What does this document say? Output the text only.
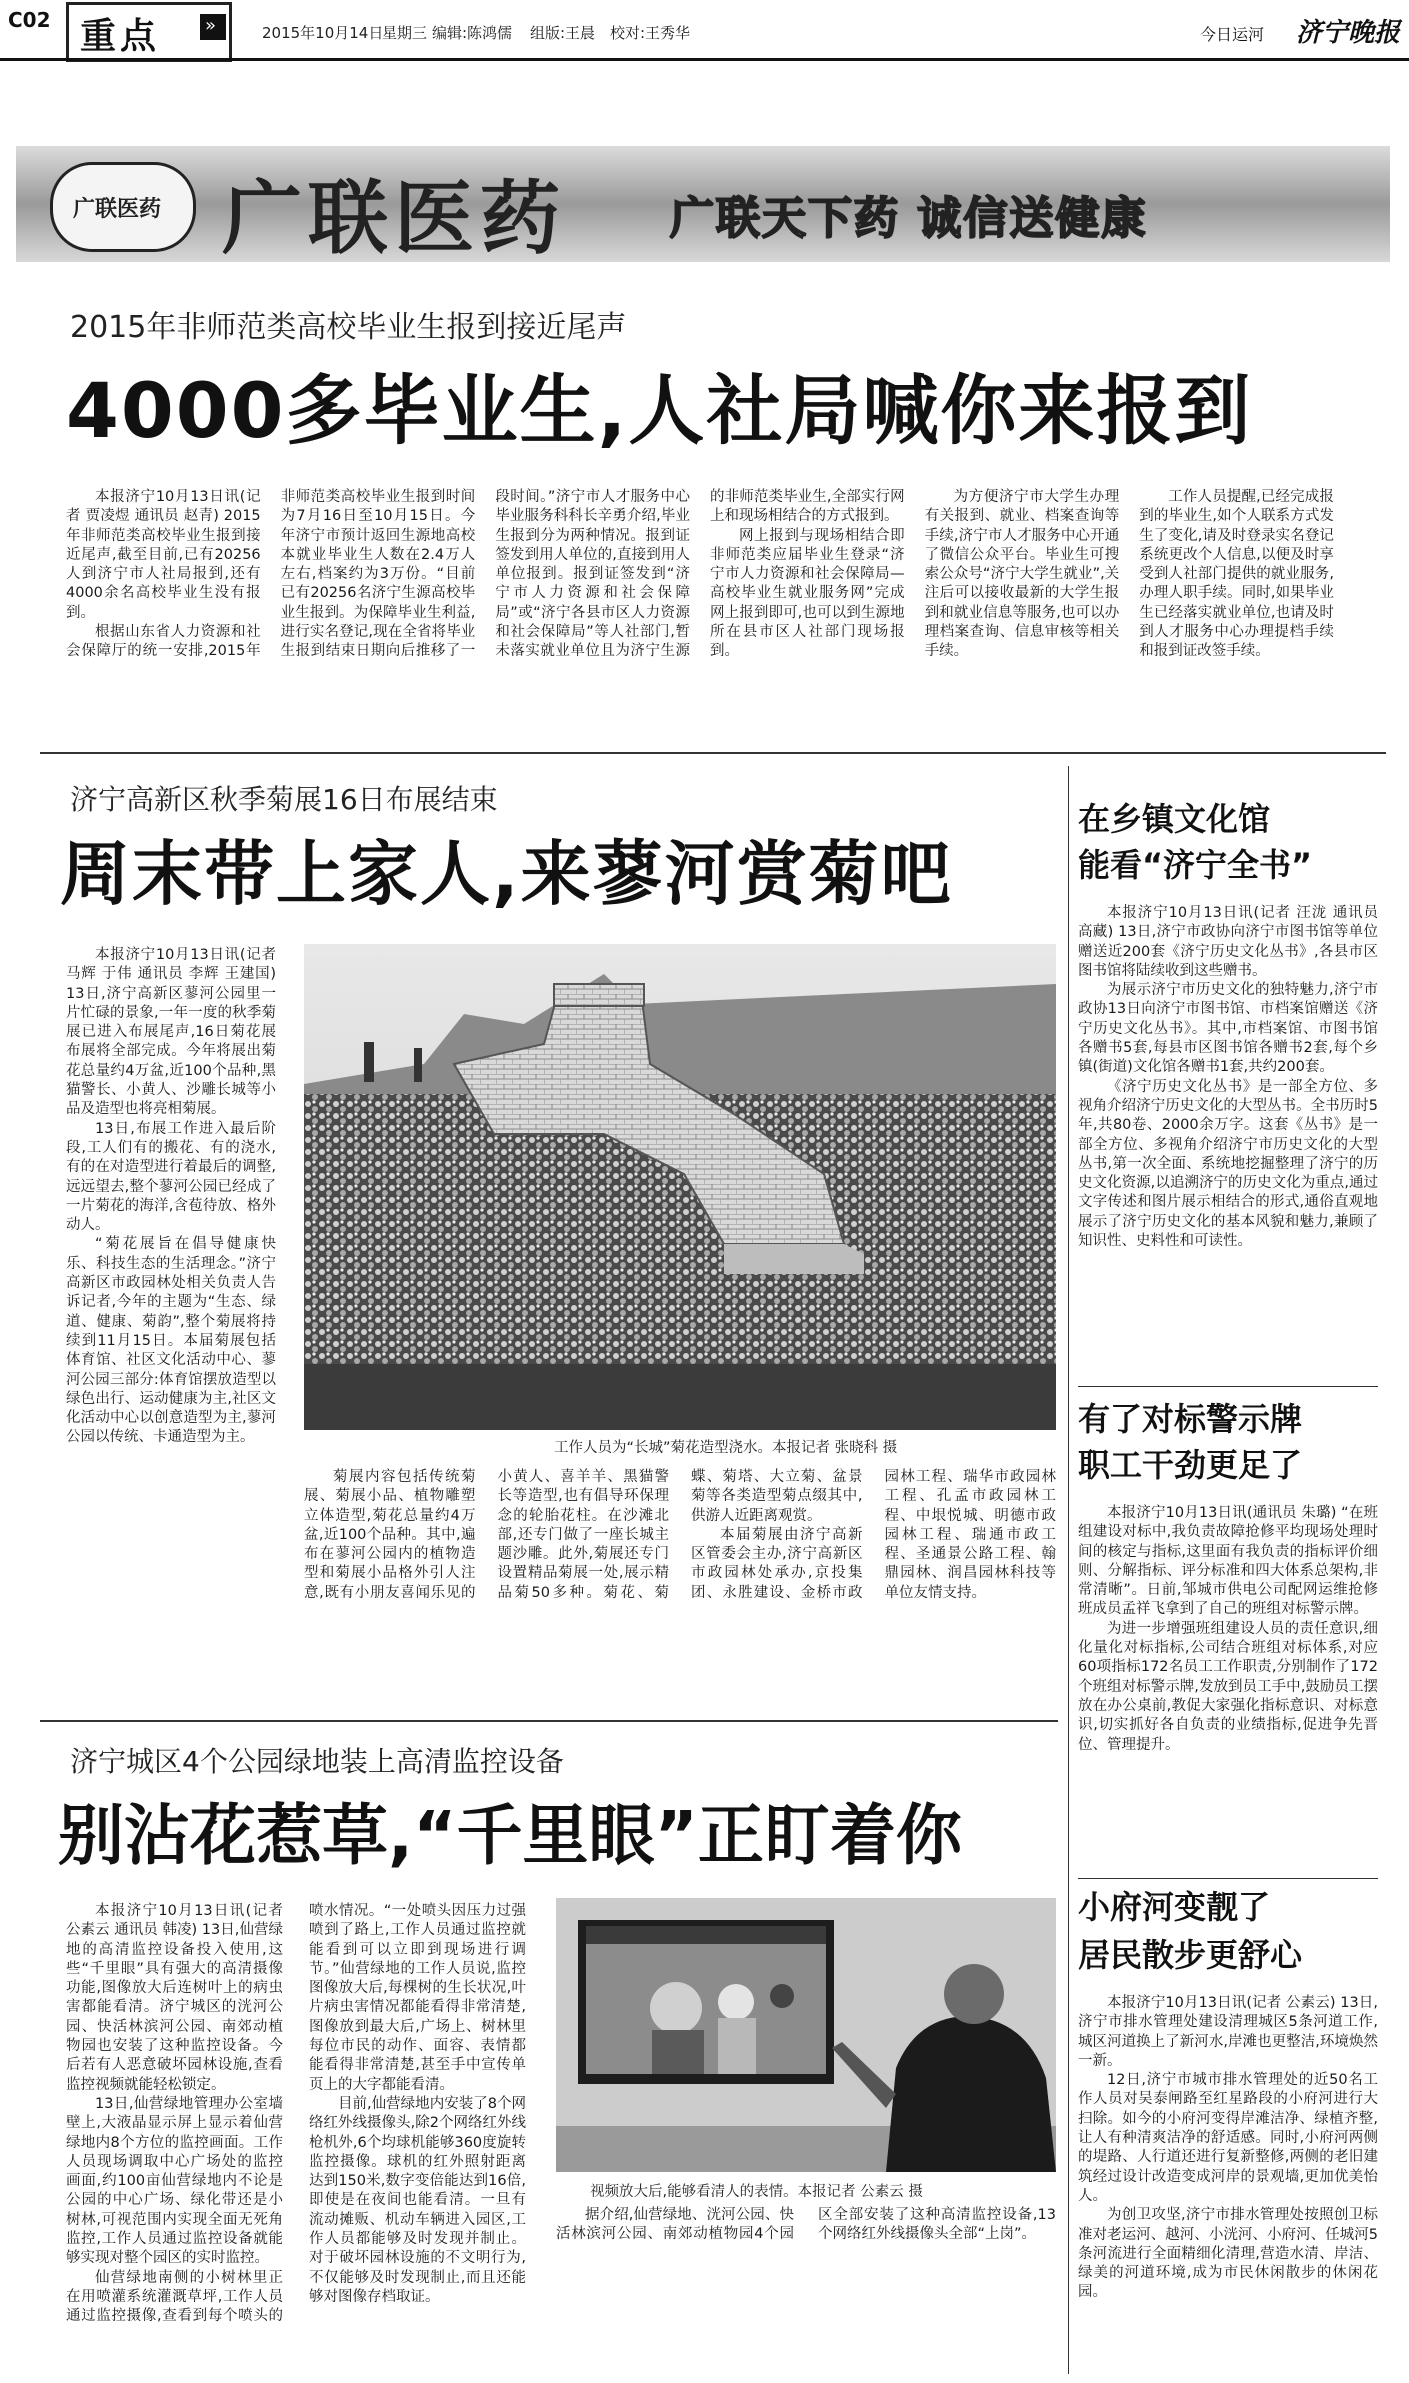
C02 重点 »	2015年10月14日
星期三 编辑:陈鸿儒 组版:王晨 校对:王秀华	今日运河 济宁晚报
广联医药 广联医药 广联天下药 诚信送健康
2015年非师范类高校毕业生报到接近尾声
4000多毕业生,人社局喊你来报到

本报济宁10月13日讯(记者 贾凌煜 通讯员 赵青) 2015年非师范类高校毕业生报到接近尾声,截至目前,已有20256人到济宁市人社局报到,还有4000余名高校毕业生没有报到。

根据山东省人力资源和社会保障厅的统一安排,2015年非师范类高校毕业生报到时间为7月16日至10月15日。今年济宁市预计返回生源地高校本就业毕业生人数在2.4万人左右,档案约为3万份。“目前已有20256名济宁生源高校毕业生报到。为保障毕业生利益,进行实名登记,现在全省将毕业生报到结束日期向后推移了一段时间。”济宁市人才服务中心毕业服务科科长辛勇介绍,毕业生报到分为两种情况。报到证签发到用人单位的,直接到用人单位报到。报到证签发到“济宁市人力资源和社会保障局”或“济宁各县市区人力资源和社会保障局”等人社部门,暂未落实就业单位且为济宁生源的非师范类毕业生,全部实行网上和现场相结合的方式报到。

网上报到与现场相结合即非师范类应届毕业生登录“济宁市人力资源和社会保障局—高校毕业生就业服务网”完成网上报到即可,也可以到生源地所在县市区人社部门现场报到。

为方便济宁市大学生办理有关报到、就业、档案查询等手续,济宁市人才服务中心开通了微信公众平台。毕业生可搜索公众号“济宁大学生就业”,关注后可以接收最新的大学生报到和就业信息等服务,也可以办理档案查询、信息审核等相关手续。

工作人员提醒,已经完成报到的毕业生,如个人联系方式发生了变化,请及时登录实名登记系统更改个人信息,以便及时享受到人社部门提供的就业服务,办理人职手续。同时,如果毕业生已经落实就业单位,也请及时到人才服务中心办理提档手续和报到证改签手续。

济宁高新区秋季菊展16日布展结束
周末带上家人,来蓼河赏菊吧

本报济宁10月13日讯(记者 马辉 于伟 通讯员 李辉 王建国) 13日,济宁高新区蓼河公园里一片忙碌的景象,一年一度的秋季菊展已进入布展尾声,16日菊花展布展将全部完成。今年将展出菊花总量约4万盆,近100个品种,黑猫警长、小黄人、沙雕长城等小品及造型也将亮相菊展。

13日,布展工作进入最后阶段,工人们有的搬花、有的浇水,有的在对造型进行着最后的调整,远远望去,整个蓼河公园已经成了一片菊花的海洋,含苞待放、格外动人。

“菊花展旨在倡导健康快乐、科技生态的生活理念。”济宁高新区市政园林处相关负责人告诉记者,今年的主题为“生态、绿道、健康、菊韵”,整个菊展将持续到11月15日。本届菊展包括体育馆、社区文化活动中心、蓼河公园三部分:体育馆摆放造型以绿色出行、运动健康为主,社区文化活动中心以创意造型为主,蓼河公园以传统、卡通造型为主。

工作人员为“长城”菊花造型浇水。本报记者 张晓科 摄

菊展内容包括传统菊展、菊展小品、植物雕塑立体造型,菊花总量约4万盆,近100个品种。其中,遍布在蓼河公园内的植物造型和菊展小品格外引人注意,既有小朋友喜闻乐见的小黄人、喜羊羊、黑猫警长等造型,也有倡导环保理念的轮胎花柱。在沙滩北部,还专门做了一座长城主题沙雕。此外,菊展还专门设置精品菊展一处,展示精品菊50多种。菊花、菊蝶、菊塔、大立菊、盆景菊等各类造型菊点缀其中,供游人近距离观赏。

本届菊展由济宁高新区管委会主办,济宁高新区市政园林处承办,京投集团、永胜建设、金桥市政园林工程、瑞华市政园林工程、孔孟市政园林工程、中垠悦城、明德市政园林工程、瑞通市政工程、圣通景公路工程、翰鼎园林、润昌园林科技等单位友情支持。

济宁城区4个公园绿地装上高清监控设备
别沾花惹草,“千里眼”正盯着你

本报济宁10月13日讯(记者 公素云 通讯员 韩凌) 13日,仙营绿地的高清监控设备投入使用,这些“千里眼”具有强大的高清摄像功能,图像放大后连树叶上的病虫害都能看清。济宁城区的洸河公园、快活林滨河公园、南郊动植物园也安装了这种监控设备。今后若有人恶意破坏园林设施,查看监控视频就能轻松锁定。

13日,仙营绿地管理办公室墙壁上,大液晶显示屏上显示着仙营绿地内8个方位的监控画面。工作人员现场调取中心广场处的监控画面,约100亩仙营绿地内不论是公园的中心广场、绿化带还是小树林,可视范围内实现全面无死角监控,工作人员通过监控设备就能够实现对整个园区的实时监控。

仙营绿地南侧的小树林里正在用喷灌系统灌溉草坪,工作人员通过监控摄像,查看到每个喷头的喷水情况。“一处喷头因压力过强喷到了路上,工作人员通过监控就能看到可以立即到现场进行调节。”仙营绿地的工作人员说,监控图像放大后,每棵树的生长状况,叶片病虫害情况都能看得非常清楚,图像放到最大后,广场上、树林里每位市民的动作、面容、表情都能看得非常清楚,甚至手中宣传单页上的大字都能看清。

目前,仙营绿地内安装了8个网络红外线摄像头,除2个网络红外线枪机外,6个均球机能够360度旋转监控摄像。球机的红外照射距离达到150米,数字变倍能达到16倍,即使是在夜间也能看清。一旦有流动摊贩、机动车辆进入园区,工作人员都能够及时发现并制止。对于破坏园林设施的不文明行为,不仅能够及时发现制止,而且还能够对图像存档取证。

视频放大后,能够看清人的表情。本报记者 公素云 摄

据介绍,仙营绿地、洸河公园、快活林滨河公园、南郊动植物园4个园区全部安装了这种高清监控设备,13个网络红外线摄像头全部“上岗”。

在乡镇文化馆
能看“济宁全书”

本报济宁10月13日讯(记者 汪泷 通讯员 高藏) 13日,济宁市政协向济宁市图书馆等单位赠送近200套《济宁历史文化丛书》,各县市区图书馆将陆续收到这些赠书。

为展示济宁市历史文化的独特魅力,济宁市政协13日向济宁市图书馆、市档案馆赠送《济宁历史文化丛书》。其中,市档案馆、市图书馆各赠书5套,每县市区图书馆各赠书2套,每个乡镇(街道)文化馆各赠书1套,共约200套。

《济宁历史文化丛书》是一部全方位、多视角介绍济宁历史文化的大型丛书。全书历时5年,共80卷、2000余万字。这套《丛书》是一部全方位、多视角介绍济宁市历史文化的大型丛书,第一次全面、系统地挖掘整理了济宁的历史文化资源,以追溯济宁的历史文化为重点,通过文字传述和图片展示相结合的形式,通俗直观地展示了济宁历史文化的基本风貌和魅力,兼顾了知识性、史料性和可读性。

有了对标警示牌
职工干劲更足了

本报济宁10月13日讯(通讯员 朱璐) “在班组建设对标中,我负责故障抢修平均现场处理时间的核定与指标,这里面有我负责的指标评价细则、分解指标、评分标准和四大体系总架构,非常清晰”。日前,邹城市供电公司配网运维抢修班成员孟祥飞拿到了自己的班组对标警示牌。

为进一步增强班组建设人员的责任意识,细化量化对标指标,公司结合班组对标体系,对应60项指标172名员工工作职责,分别制作了172个班组对标警示牌,发放到员工手中,鼓励员工摆放在办公桌前,教促大家强化指标意识、对标意识,切实抓好各自负责的业绩指标,促进争先晋位、管理提升。

小府河变靓了
居民散步更舒心

本报济宁10月13日讯(记者 公素云) 13日,济宁市排水管理处建设清理城区5条河道工作,城区河道换上了新河水,岸滩也更整洁,环境焕然一新。

12日,济宁市城市排水管理处的近50名工作人员对吴泰闸路至红星路段的小府河进行大扫除。如今的小府河变得岸滩洁净、绿植齐整,让人有种清爽洁净的舒适感。同时,小府河两侧的堤路、人行道还进行复新整修,两侧的老旧建筑经过设计改造变成河岸的景观墙,更加优美怡人。

为创卫攻坚,济宁市排水管理处按照创卫标准对老运河、越河、小洸河、小府河、任城河5条河流进行全面精细化清理,营造水清、岸洁、绿美的河道环境,成为市民休闲散步的休闲花园。
